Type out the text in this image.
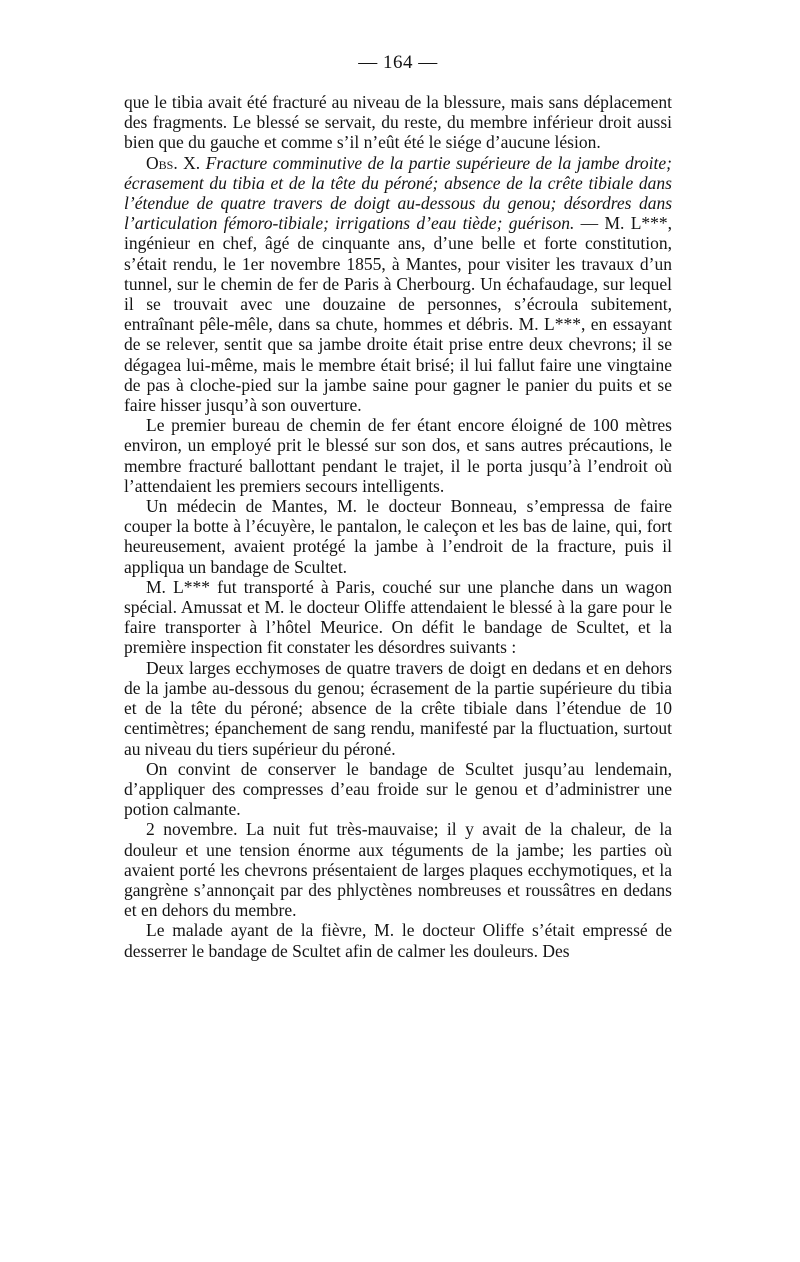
— 164 —

que le tibia avait été fracturé au niveau de la blessure, mais sans déplacement des fragments. Le blessé se servait, du reste, du membre inférieur droit aussi bien que du gauche et comme s’il n’eût été le siége d’aucune lésion.

Obs. X. Fracture comminutive de la partie supérieure de la jambe droite; écrasement du tibia et de la tête du péroné; absence de la crête tibiale dans l’étendue de quatre travers de doigt au-dessous du genou; désordres dans l’articulation fémoro-tibiale; irrigations d’eau tiède; guérison. — M. L***, ingénieur en chef, âgé de cinquante ans, d’une belle et forte constitution, s’était rendu, le 1er novembre 1855, à Mantes, pour visiter les travaux d’un tunnel, sur le chemin de fer de Paris à Cherbourg. Un échafaudage, sur lequel il se trouvait avec une douzaine de personnes, s’écroula subitement, entraînant pêle-mêle, dans sa chute, hommes et débris. M. L***, en essayant de se relever, sentit que sa jambe droite était prise entre deux chevrons; il se dégagea lui-même, mais le membre était brisé; il lui fallut faire une vingtaine de pas à cloche-pied sur la jambe saine pour gagner le panier du puits et se faire hisser jusqu’à son ouverture.

Le premier bureau de chemin de fer étant encore éloigné de 100 mètres environ, un employé prit le blessé sur son dos, et sans autres précautions, le membre fracturé ballottant pendant le trajet, il le porta jusqu’à l’endroit où l’attendaient les premiers secours intelligents.

Un médecin de Mantes, M. le docteur Bonneau, s’empressa de faire couper la botte à l’écuyère, le pantalon, le caleçon et les bas de laine, qui, fort heureusement, avaient protégé la jambe à l’endroit de la fracture, puis il appliqua un bandage de Scultet.

M. L*** fut transporté à Paris, couché sur une planche dans un wagon spécial. Amussat et M. le docteur Oliffe attendaient le blessé à la gare pour le faire transporter à l’hôtel Meurice. On défit le bandage de Scultet, et la première inspection fit constater les désordres suivants :

Deux larges ecchymoses de quatre travers de doigt en dedans et en dehors de la jambe au-dessous du genou; écrasement de la partie supérieure du tibia et de la tête du péroné; absence de la crête tibiale dans l’étendue de 10 centimètres; épanchement de sang rendu, manifesté par la fluctuation, surtout au niveau du tiers supérieur du péroné.

On convint de conserver le bandage de Scultet jusqu’au lendemain, d’appliquer des compresses d’eau froide sur le genou et d’administrer une potion calmante.

2 novembre. La nuit fut très-mauvaise; il y avait de la chaleur, de la douleur et une tension énorme aux téguments de la jambe; les parties où avaient porté les chevrons présentaient de larges plaques ecchymotiques, et la gangrène s’annonçait par des phlyctènes nombreuses et roussâtres en dedans et en dehors du membre.

Le malade ayant de la fièvre, M. le docteur Oliffe s’était empressé de desserrer le bandage de Scultet afin de calmer les douleurs. Des
